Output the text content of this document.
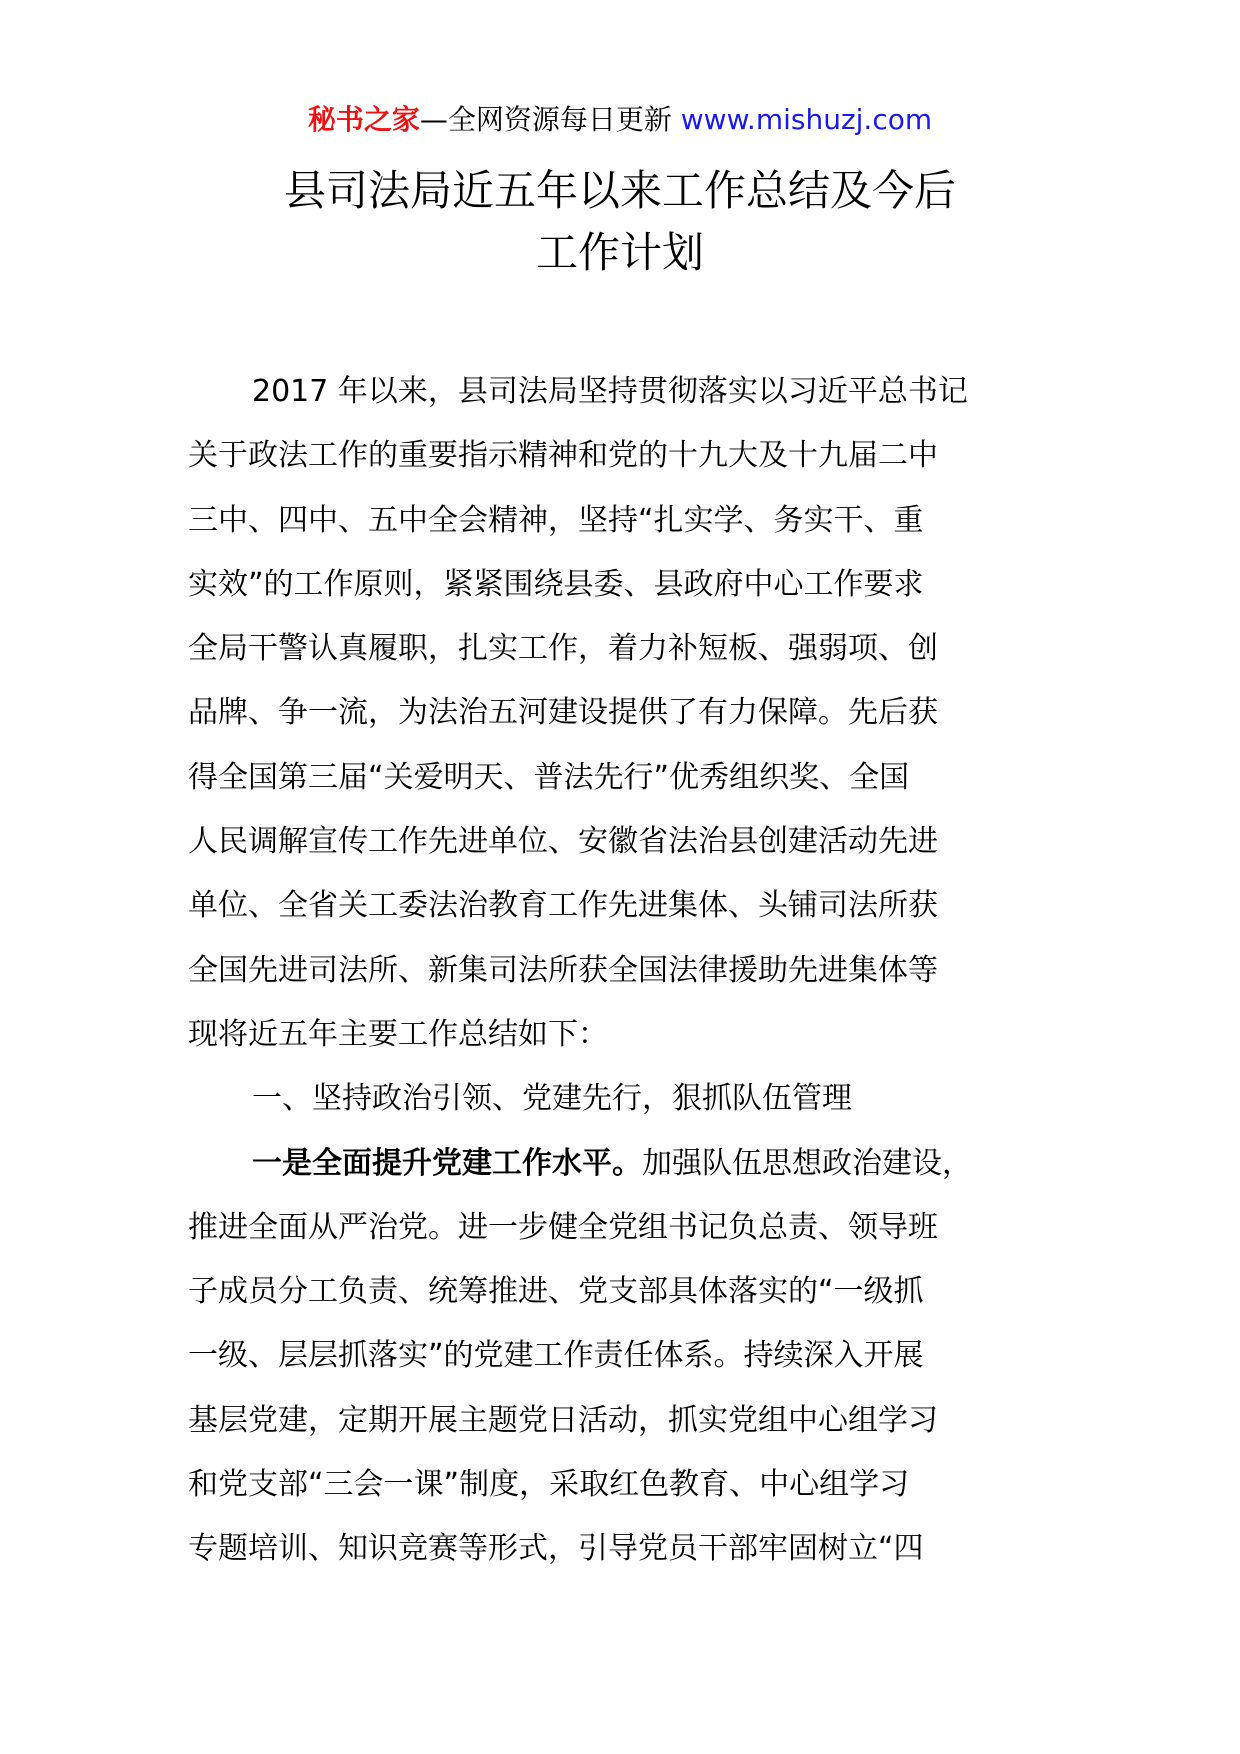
秘书之家—全网资源每日更新 www.mishuzj.com
县司法局近五年以来工作总结及今后
工作计划
2017 年以来，县司法局坚持贯彻落实以习近平总书记
关于政法工作的重要指示精神和党的十九大及十九届二中
三中、四中、五中全会精神，坚持“扎实学、务实干、重
实效”的工作原则，紧紧围绕县委、县政府中心工作要求
全局干警认真履职，扎实工作，着力补短板、强弱项、创
品牌、争一流，为法治五河建设提供了有力保障。先后获
得全国第三届“关爱明天、普法先行”优秀组织奖、全国
人民调解宣传工作先进单位、安徽省法治县创建活动先进
单位、全省关工委法治教育工作先进集体、头铺司法所获
全国先进司法所、新集司法所获全国法律援助先进集体等
现将近五年主要工作总结如下：
一、坚持政治引领、党建先行，狠抓队伍管理
一是全面提升党建工作水平。加强队伍思想政治建设，
推进全面从严治党。进一步健全党组书记负总责、领导班
子成员分工负责、统筹推进、党支部具体落实的“一级抓
一级、层层抓落实”的党建工作责任体系。持续深入开展
基层党建，定期开展主题党日活动，抓实党组中心组学习
和党支部“三会一课”制度，采取红色教育、中心组学习
专题培训、知识竞赛等形式，引导党员干部牢固树立“四
